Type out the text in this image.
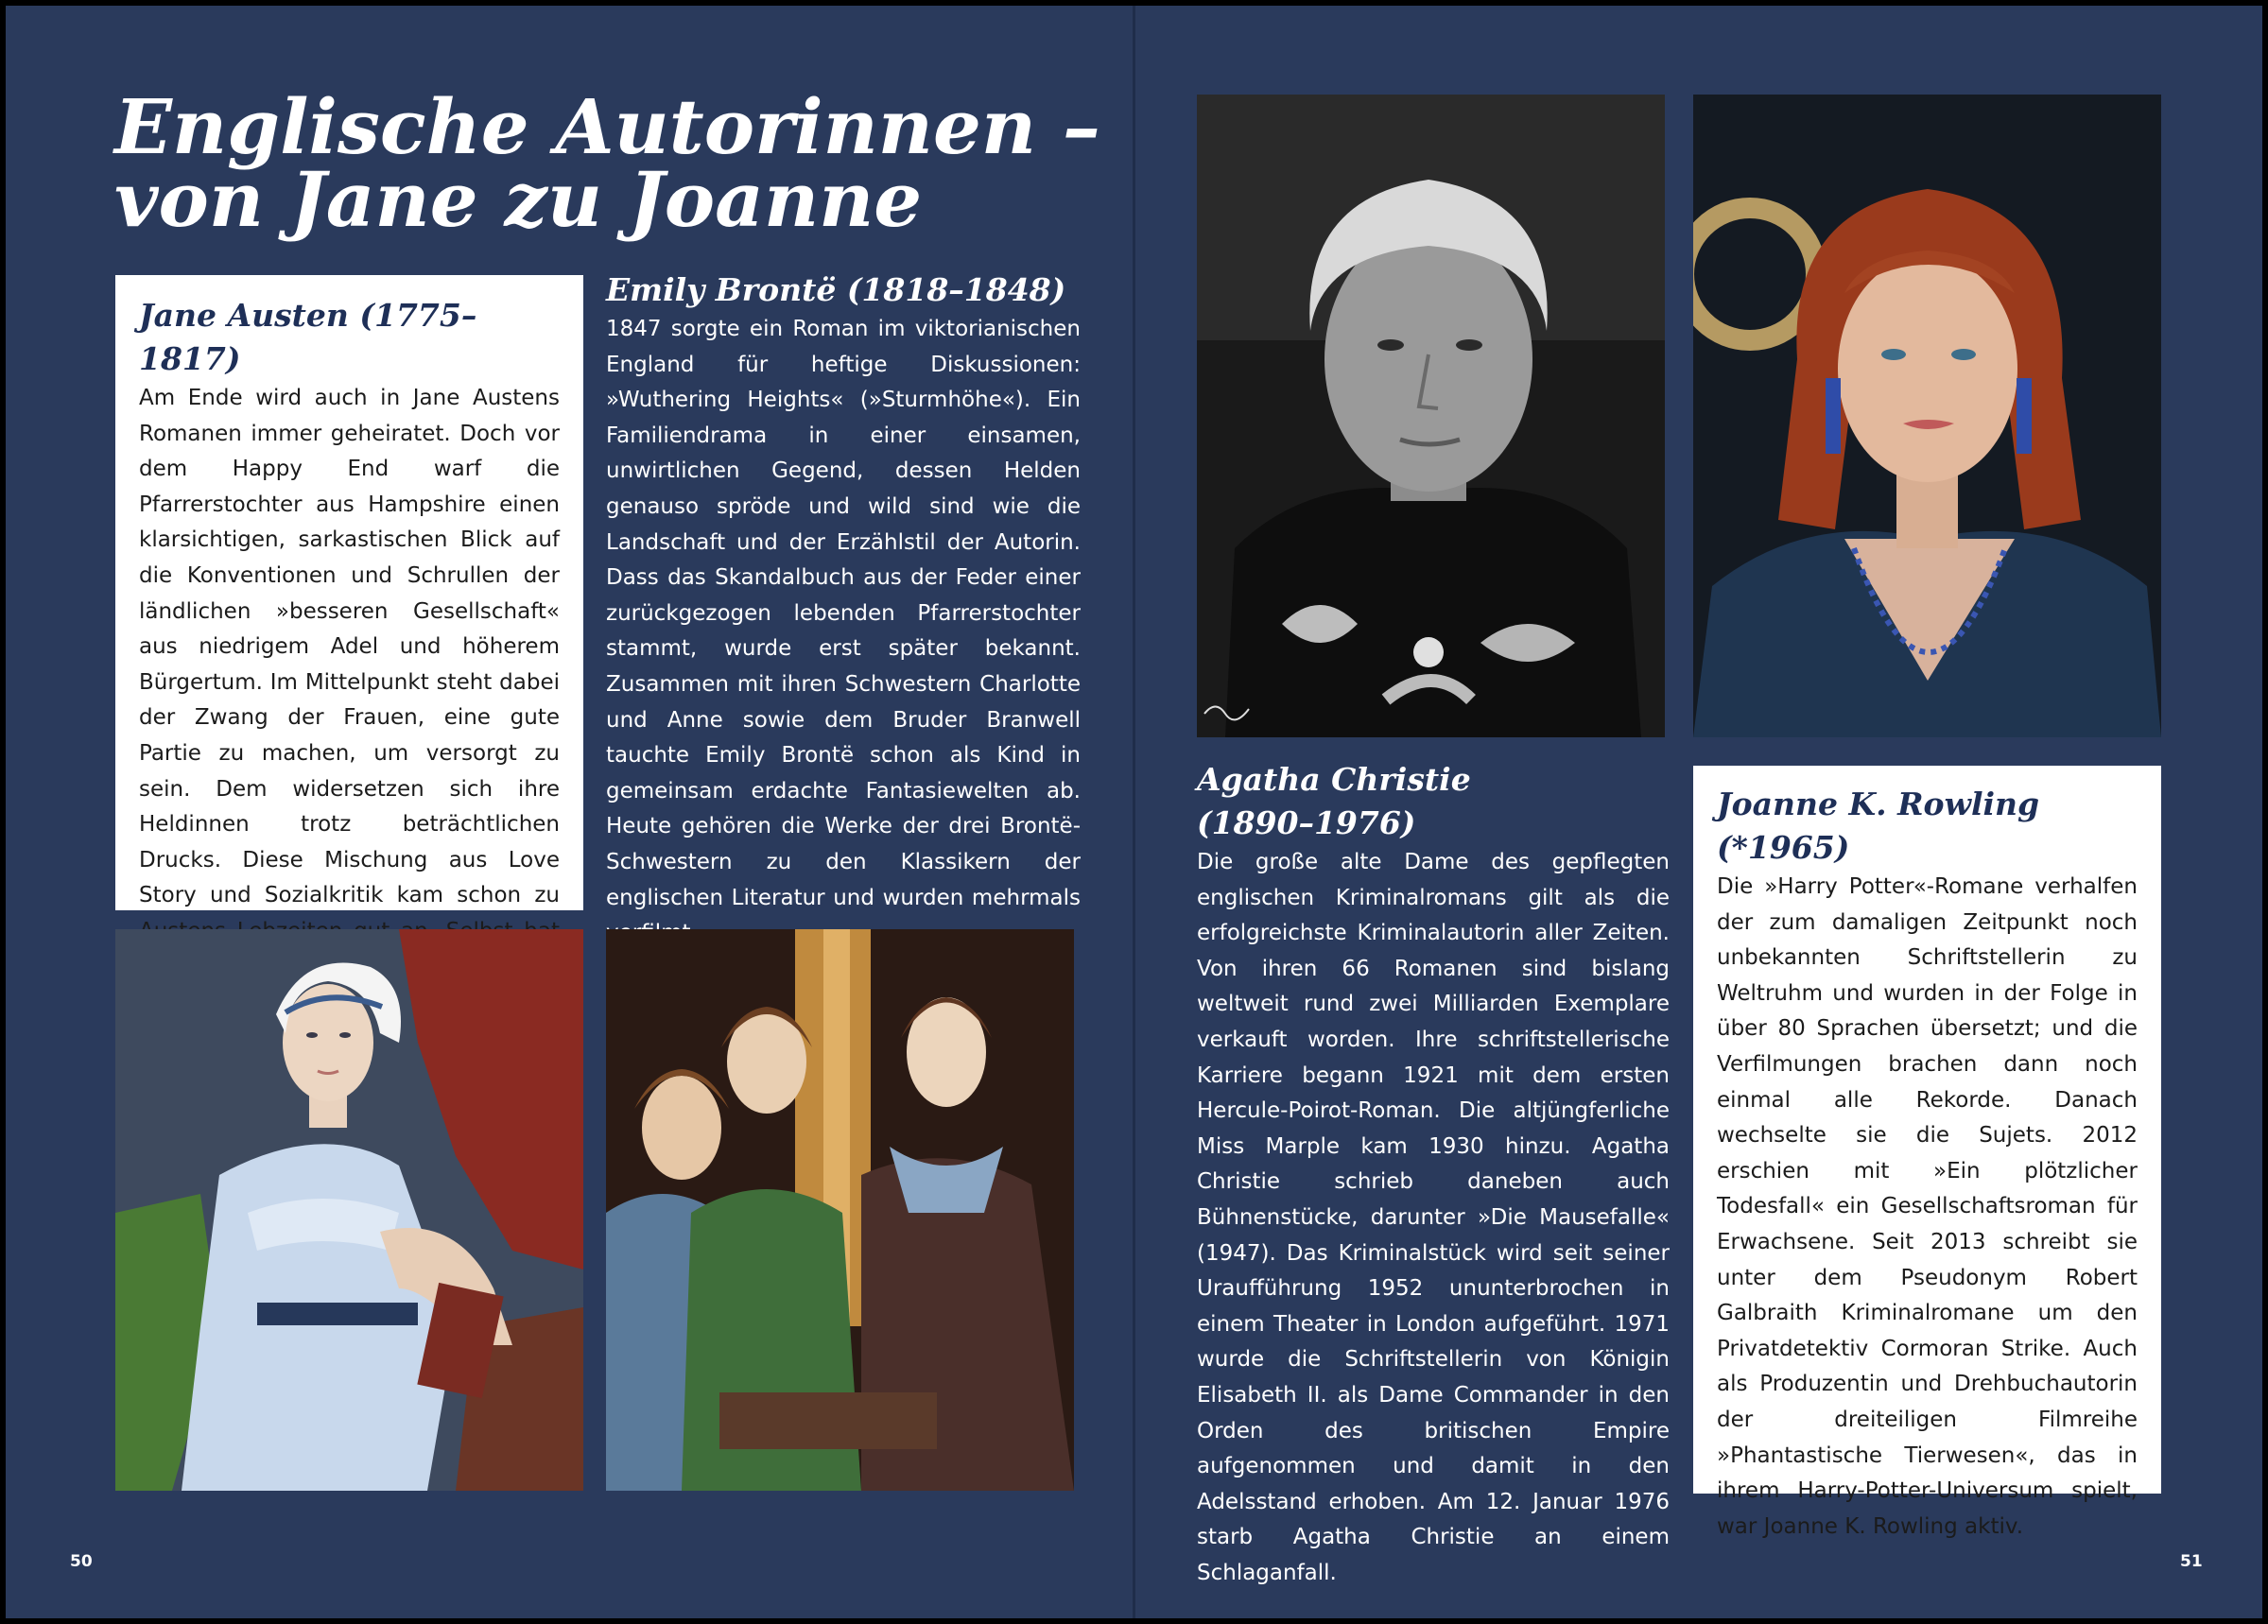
Englische Autorinnen –
von Jane zu Joanne
Jane Austen (1775–1817)

Am Ende wird auch in Jane Austens Romanen immer geheiratet. Doch vor dem Happy End warf die Pfarrerstochter aus Hampshire einen klarsichtigen, sarkastischen Blick auf die Konventionen und Schrullen der ländlichen »besseren Gesellschaft« aus niedrigem Adel und höherem Bürgertum. Im Mittelpunkt steht dabei der Zwang der Frauen, eine gute Partie zu machen, um versorgt zu sein. Dem widersetzen sich ihre Heldinnen trotz beträchtlichen Drucks. Diese Mischung aus Love Story und Sozialkritik kam schon zu

Emily Brontë (1818–1848)

1847 sorgte ein Roman im viktorianischen England für heftige Diskussionen: »Wuthering Heights« (»Sturmhöhe«). Ein Familiendrama in einer einsamen, unwirtlichen Gegend, dessen Helden genauso spröde und wild sind wie die Landschaft und der Erzählstil der Autorin. Dass das Skandalbuch aus der Feder einer zurückgezogen lebenden Pfarrerstochter stammt, wurde erst später bekannt. Zusammen mit ihren Schwestern Charlotte und Anne sowie dem Bruder Branwell tauchte Emily Brontë schon als Kind in gemeinsam erdachte Fantasiewelten ab. Heute gehören die Werke der drei Brontë-Schwestern zu den Klassikern der englischen Literatur und wurden mehrmals

50
Agatha Christie
(1890–1976)

Die große alte Dame des gepflegten englischen Kriminalromans gilt als die erfolgreichste Kriminalautorin aller Zeiten. Von ihren 66 Romanen sind bislang weltweit rund zwei Milliarden Exemplare verkauft worden. Ihre schriftstellerische Karriere begann 1921 mit dem ersten Hercule-Poirot-Roman. Die altjüngferliche Miss Marple kam 1930 hinzu. Agatha Christie schrieb daneben auch Bühnenstücke, darunter »Die Mausefalle« (1947). Das Kriminalstück wird seit seiner Uraufführung 1952 ununterbrochen in einem Theater in London aufgeführt. 1971 wurde die Schriftstellerin von Königin Elisabeth II. als Dame Commander in den Orden des britischen Empire aufgenommen und damit in den Adelsstand erhoben. Am 12. Januar 1976 starb Agatha Christie an einem Schlaganfall.

Joanne K. Rowling
(*1965)

Die »Harry Potter«-Romane verhalfen der zum damaligen Zeitpunkt noch unbekannten Schriftstellerin zu Weltruhm und wurden in der Folge in über 80 Sprachen übersetzt; und die Verfilmungen brachen dann noch einmal alle Rekorde. Danach wechselte sie die Sujets. 2012 erschien mit »Ein plötzlicher Todesfall« ein Gesellschaftsroman für Erwachsene. Seit 2013 schreibt sie unter dem Pseudonym Robert Galbraith Kriminalromane um den Privatdetektiv Cormoran Strike. Auch als Produzentin und Drehbuchautorin der dreiteiligen Filmreihe »Phantastische Tierwesen«, das in ihrem Harry-Potter-Universum spielt, war Joanne K. Rowling aktiv.

51
